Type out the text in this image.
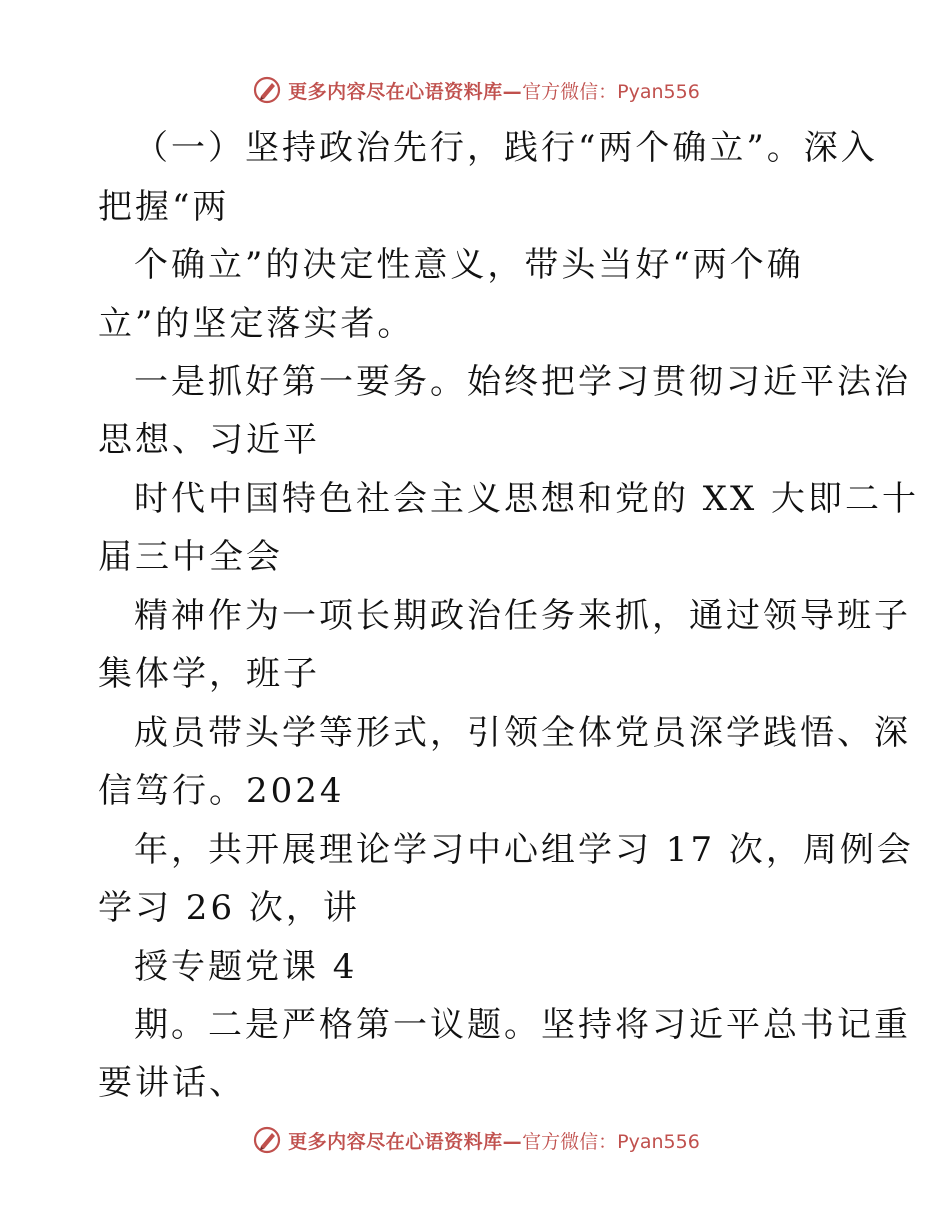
更多内容尽在心语资料库— 官方微信：Pyan556
（一）坚持政治先行，践行“两个确立”。深入
把握“两
个确立”的决定性意义，带头当好“两个确
立”的坚定落实者。
一是抓好第一要务。始终把学习贯彻习近平法治
思想、习近平
时代中国特色社会主义思想和党的 XX 大即二十
届三中全会
精神作为一项长期政治任务来抓，通过领导班子
集体学，班子
成员带头学等形式，引领全体党员深学践悟、深
信笃行。2024
年，共开展理论学习中心组学习 17 次，周例会
学习 26 次，讲
授专题党课 4
期。二是严格第一议题。坚持将习近平总书记重
要讲话、
更多内容尽在心语资料库— 官方微信：Pyan556
